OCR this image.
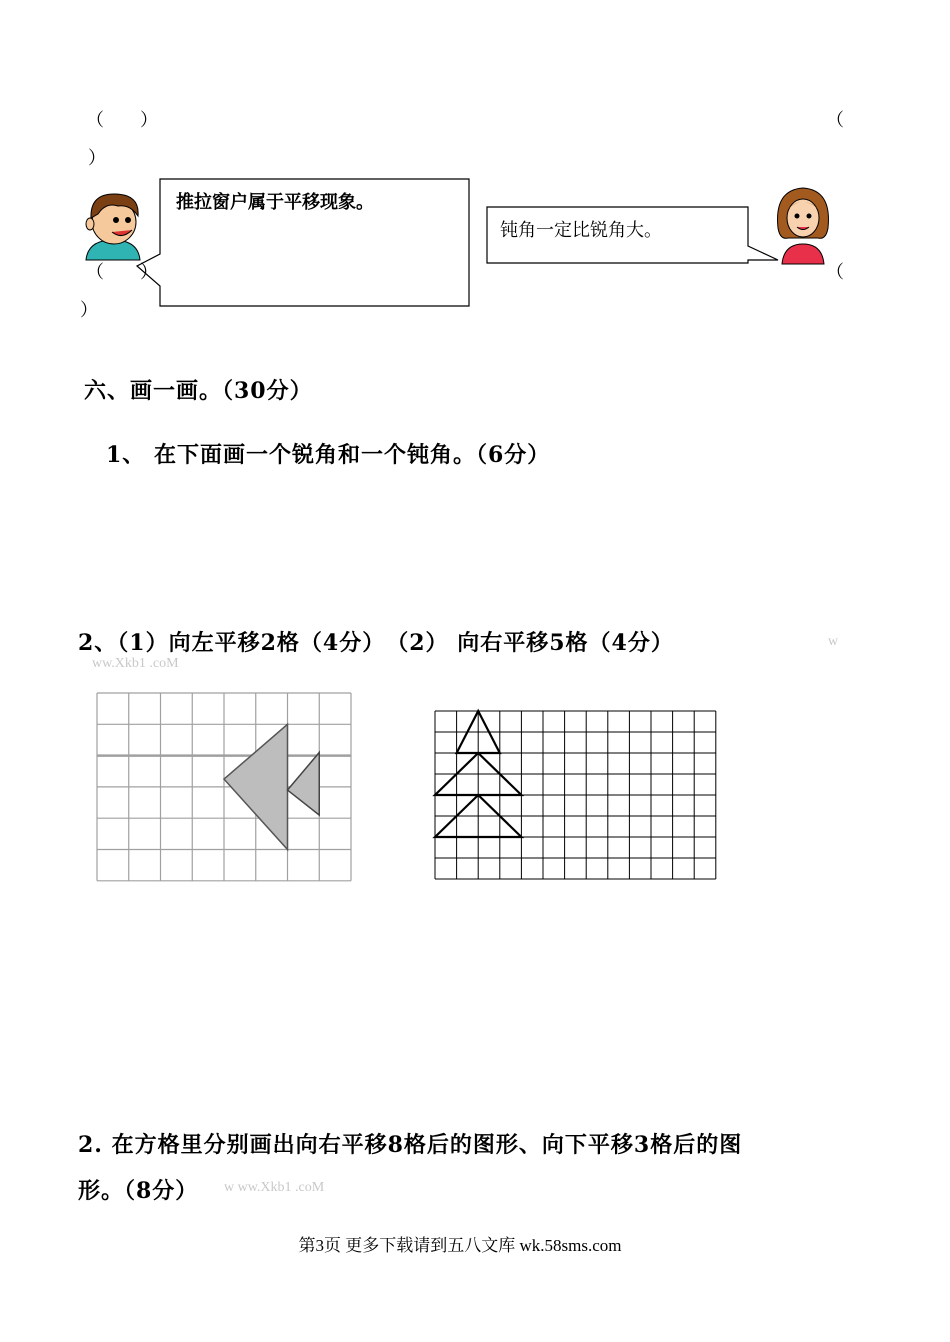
（　　）	（
）
推拉窗户属于平移现象。
（　　）
）
钝角一定比锐角大。
（
六、画一画。（30分）
1、 在下面画一个锐角和一个钝角。（6分）
2、（1）向左平移2格（4分）　（2） 向右平移5格（4分）	w
ww.Xkb1 .coM
2. 在方格里分别画出向右平移8格后的图形、向下平移3格后的图
形。（8分） w ww.Xkb1 .coM
第3页 更多下载请到五八文库 wk.58sms.com
